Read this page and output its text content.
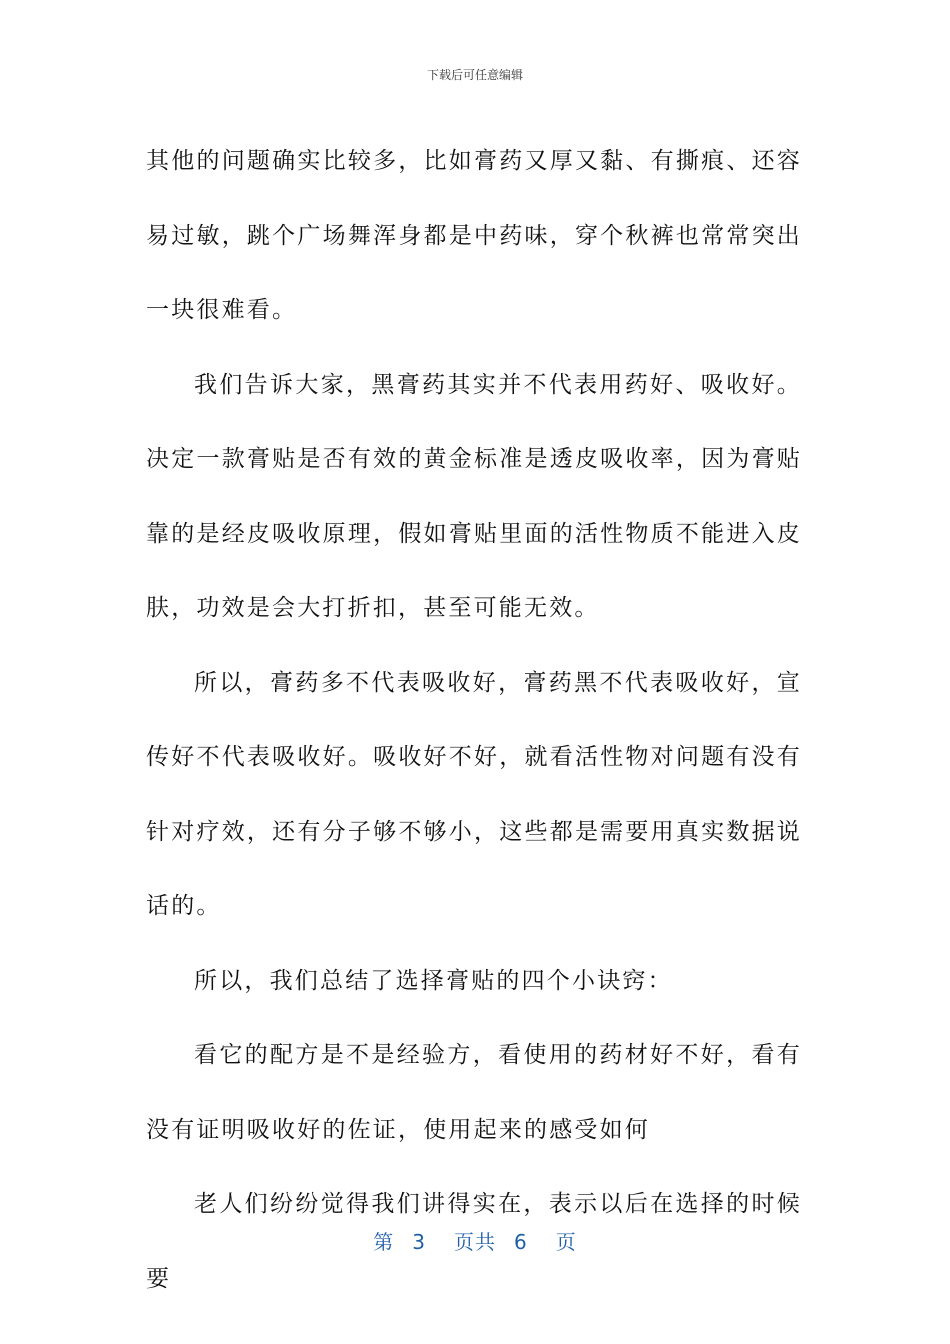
下载后可任意编辑

其他的问题确实比较多，比如膏药又厚又黏、有撕痕、还容易过敏，跳个广场舞浑身都是中药味，穿个秋裤也常常突出一块很难看。

我们告诉大家，黑膏药其实并不代表用药好、吸收好。决定一款膏贴是否有效的黄金标准是透皮吸收率，因为膏贴靠的是经皮吸收原理，假如膏贴里面的活性物质不能进入皮肤，功效是会大打折扣，甚至可能无效。

所以，膏药多不代表吸收好，膏药黑不代表吸收好，宣传好不代表吸收好。吸收好不好，就看活性物对问题有没有针对疗效，还有分子够不够小，这些都是需要用真实数据说话的。

所以，我们总结了选择膏贴的四个小诀窍：

看它的配方是不是经验方，看使用的药材好不好，看有没有证明吸收好的佐证，使用起来的感受如何

老人们纷纷觉得我们讲得实在，表示以后在选择的时候要

第 3 页共 6 页
